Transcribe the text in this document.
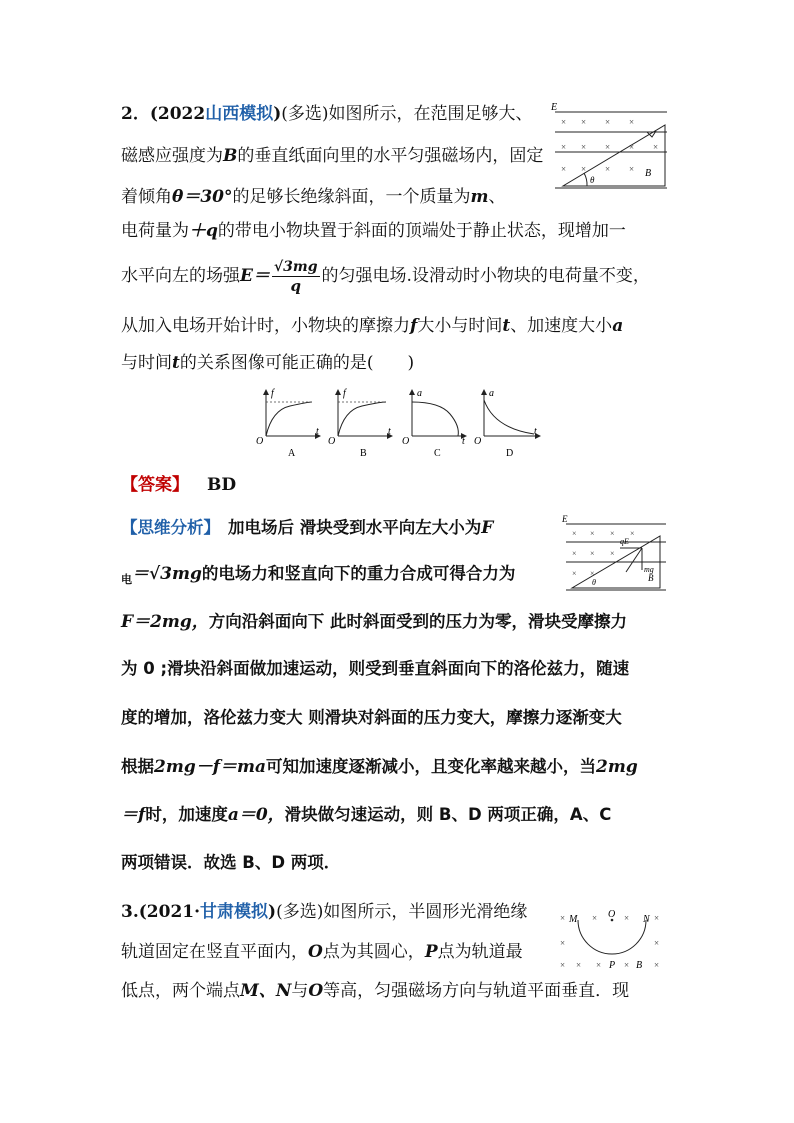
2．(2022山西模拟)(多选)如图所示，在范围足够大、
磁感应强度为B的垂直纸面向里的水平匀强磁场内，固定
着倾角θ＝30°的足够长绝缘斜面，一个质量为m、
电荷量为＋q的带电小物块置于斜面的顶端处于静止状态，现增加一
水平向左的场强$E= \frac{√3mg}{q}$ 的匀强电场.设滑动时小物块的电荷量不变，
从加入电场开始计时，小物块的摩擦力f大小与时间t、加速度大小a
与时间t的关系图像可能正确的是(　　)
E
θ
B
× × × ×
× × × × ×
× × × ×
f
O
t
A
f
O
t
B
a
O	t
C
a
O
t
D
【答案】 BD
【思维分析】 加电场后 滑块受到水平向左大小为F
$_电$＝√3mg的电场力和竖直向下的重力合成可得合力为
F＝2mg，方向沿斜面向下 此时斜面受到的压力为零，滑块受摩擦力
为 0 ;滑块沿斜面做加速运动，则受到垂直斜面向下的洛伦兹力，随速
度的增加，洛伦兹力变大 则滑块对斜面的压力变大，摩擦力逐渐变大
根据2mg－f＝ma可知加速度逐渐减小，且变化率越来越小，当2mg
＝f时，加速度a＝0，滑块做匀速运动，则 B、D 两项正确，A、C
两项错误．故选 B、D 两项．
E
qE
mg
B
θ
× × × ×
× × ×
× ×
3.(2021·甘肃模拟)(多选)如图所示，半圆形光滑绝缘
轨道固定在竖直平面内，O点为其圆心，P点为轨道最
低点，两个端点M、N与O等高，匀强磁场方向与轨道平面垂直．现
M	O	N
P B
×	×	×	×
×	×
× × ×	×	×
